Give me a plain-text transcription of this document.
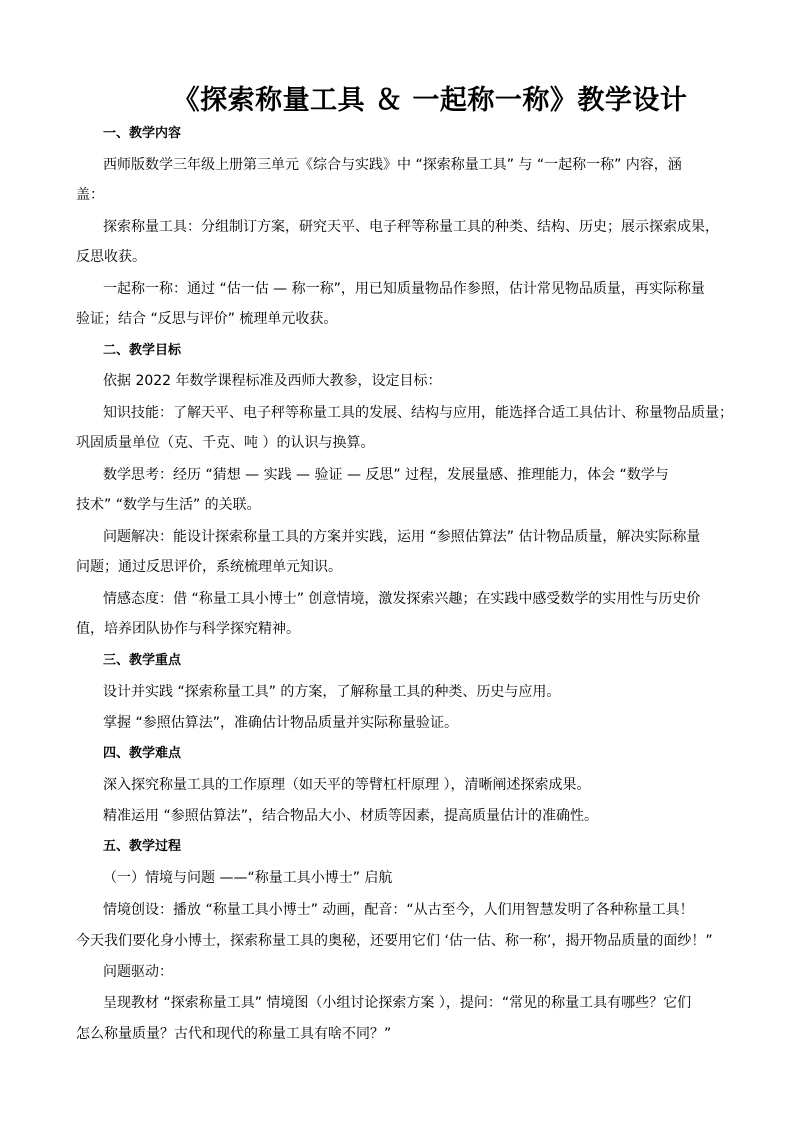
《探索称量工具 ＆ 一起称一称》教学设计
一、教学内容
西师版数学三年级上册第三单元《综合与实践》中 “探索称量工具” 与 “一起称一称” 内容，涵
盖：
探索称量工具：分组制订方案，研究天平、电子秤等称量工具的种类、结构、历史；展示探索成果，
反思收获。
一起称一称：通过 “估一估 — 称一称”，用已知质量物品作参照，估计常见物品质量，再实际称量
验证；结合 “反思与评价” 梳理单元收获。
二、教学目标
依据 2022 年数学课程标准及西师大教参，设定目标：
知识技能：了解天平、电子秤等称量工具的发展、结构与应用，能选择合适工具估计、称量物品质量；
巩固质量单位（克、千克、吨 ）的认识与换算。
数学思考：经历 “猜想 — 实践 — 验证 — 反思” 过程，发展量感、推理能力，体会 “数学与
技术” “数学与生活” 的关联。
问题解决：能设计探索称量工具的方案并实践，运用 “参照估算法” 估计物品质量，解决实际称量
问题；通过反思评价，系统梳理单元知识。
情感态度：借 “称量工具小博士” 创意情境，激发探索兴趣；在实践中感受数学的实用性与历史价
值，培养团队协作与科学探究精神。
三、教学重点
设计并实践 “探索称量工具” 的方案，了解称量工具的种类、历史与应用。
掌握 “参照估算法”，准确估计物品质量并实际称量验证。
四、教学难点
深入探究称量工具的工作原理（如天平的等臂杠杆原理 ），清晰阐述探索成果。
精准运用 “参照估算法”，结合物品大小、材质等因素，提高质量估计的准确性。
五、教学过程
（一）情境与问题 ——“称量工具小博士” 启航
情境创设：播放 “称量工具小博士” 动画，配音：“从古至今，人们用智慧发明了各种称量工具！
今天我们要化身小博士，探索称量工具的奥秘，还要用它们 ‘估一估、称一称’，揭开物品质量的面纱！”
问题驱动：
呈现教材 “探索称量工具” 情境图（小组讨论探索方案 ），提问：“常见的称量工具有哪些？它们
怎么称量质量？古代和现代的称量工具有啥不同？”
